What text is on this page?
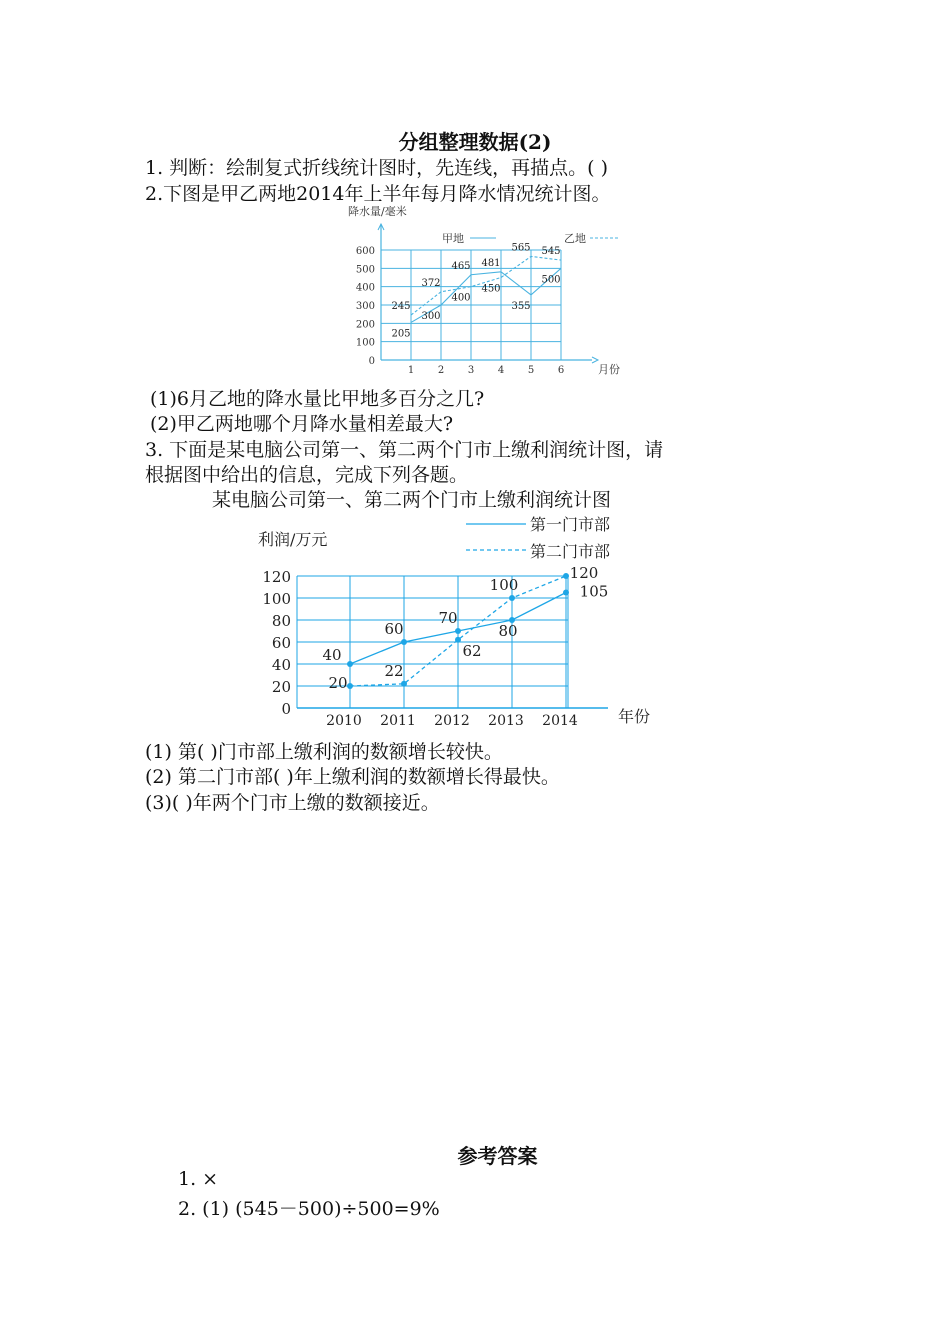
分组整理数据(2)
1. 判断：绘制复式折线统计图时，先连线，再描点。( )
2.下图是甲乙两地2014年上半年每月降水情况统计图。
0
100
200
300
400
500
600
1 2 3 4 5 6
245
205
372
300
465
400
481
450
565
355
545
500
降水量/毫米
月份
甲地	乙地
(1)6月乙地的降水量比甲地多百分之几?
(2)甲乙两地哪个月降水量相差最大?
3. 下面是某电脑公司第一、第二两个门市上缴利润统计图，请
根据图中给出的信息，完成下列各题。
某电脑公司第一、第二两个门市上缴利润统计图
0
20
40
60
80
100
120
2010 2011 2012 2013 2014
40
60
70
80
105
20
22
62
100
120
利润/万元
年份
第一门市部
第二门市部
(1) 第( )门市部上缴利润的数额增长较快。
(2) 第二门市部( )年上缴利润的数额增长得最快。
(3)( )年两个门市上缴的数额接近。
参考答案
1. ×
2. (1) (545－500)÷500=9%
